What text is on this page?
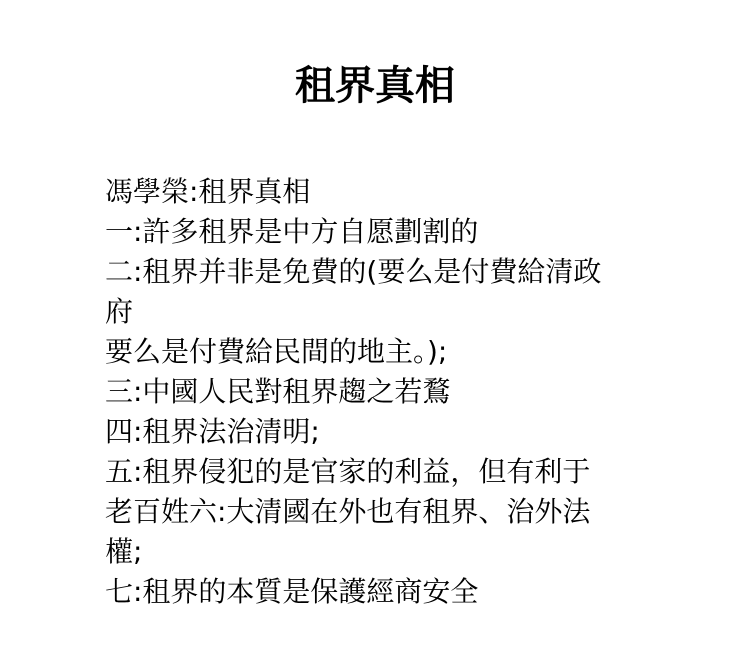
租界真相
馮學榮:租界真相
一:許多租界是中方自愿劃割的
二:租界并非是免費的(要么是付費給清政
府
要么是付費給民間的地主。);
三:中國人民對租界趨之若鶩
四:租界法治清明;
五:租界侵犯的是官家的利益，但有利于
老百姓六:大清國在外也有租界、治外法
權;
七:租界的本質是保護經商安全
